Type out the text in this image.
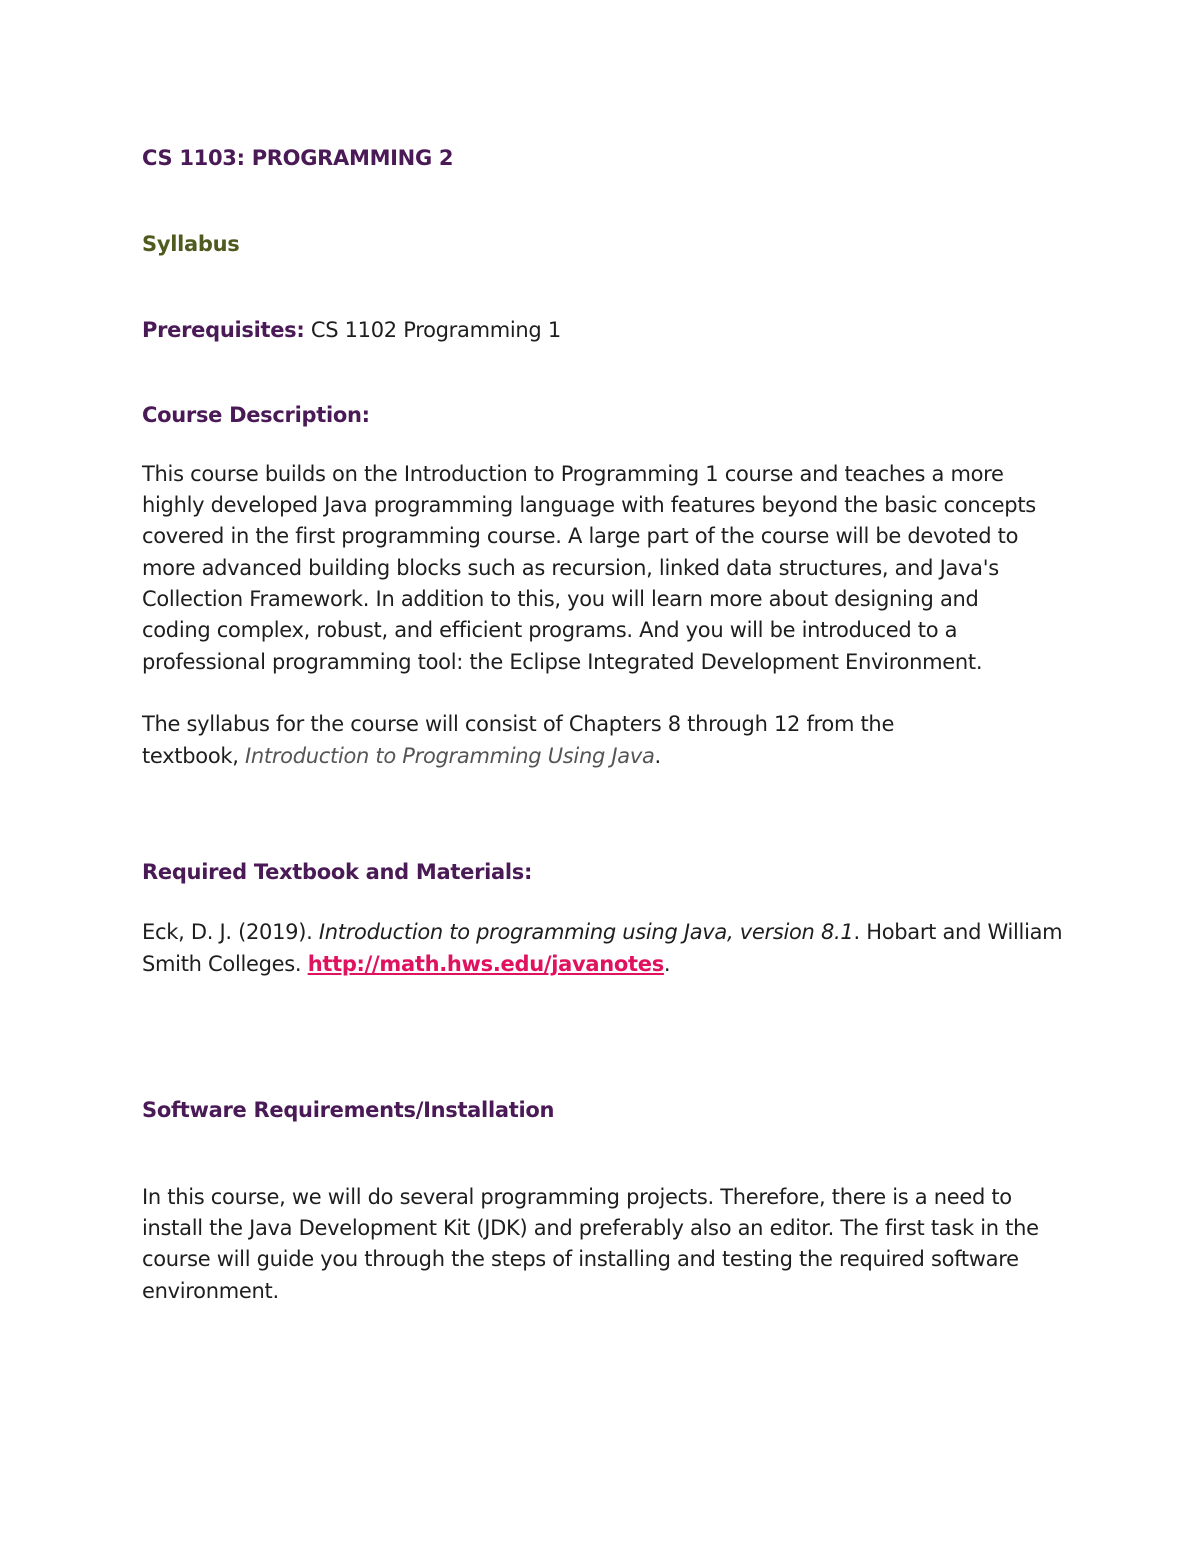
CS 1103: PROGRAMMING 2
Syllabus
Prerequisites: CS 1102 Programming 1
Course Description:
This course builds on the Introduction to Programming 1 course and teaches a more
highly developed Java programming language with features beyond the basic concepts
covered in the first programming course. A large part of the course will be devoted to
more advanced building blocks such as recursion, linked data structures, and Java's
Collection Framework. In addition to this, you will learn more about designing and
coding complex, robust, and efficient programs. And you will be introduced to a
professional programming tool: the Eclipse Integrated Development Environment.
The syllabus for the course will consist of Chapters 8 through 12 from the
textbook, Introduction to Programming Using Java.
Required Textbook and Materials:
Eck, D. J. (2019). Introduction to programming using Java, version 8.1. Hobart and William
Smith Colleges. http://math.hws.edu/javanotes.
Software Requirements/Installation
In this course, we will do several programming projects. Therefore, there is a need to
install the Java Development Kit (JDK) and preferably also an editor. The first task in the
course will guide you through the steps of installing and testing the required software
environment.
